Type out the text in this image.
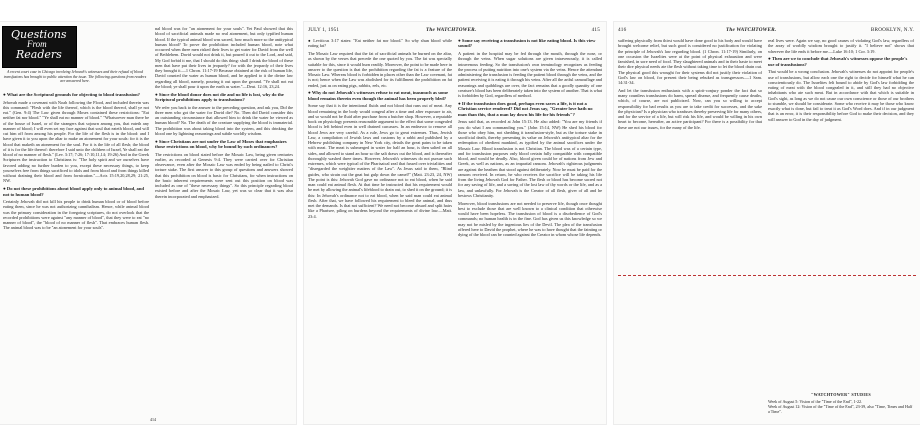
Questions
From
Readers
A recent court case in Chicago involving Jehovah's witnesses and their refusal of blood transfusions has brought to public attention the issue. The following questions from readers are answered here.
● What are the Scriptural grounds for objecting to blood transfusion?
Jehovah made a covenant with Noah following the Flood, and included therein was this command: "Flesh with the life thereof, which is the blood thereof, shall ye not eat." (Gen. 9:4) The Law given through Moses contained these restrictions: "Eat neither fat nor blood." "Ye shall eat no manner of blood." "Whatsoever man there be of the house of Israel, or of the strangers that sojourn among you, that eateth any manner of blood; I will even set my face against that soul that eateth blood, and will cut him off from among his people. For the life of the flesh is in the blood: and I have given it to you upon the altar to make an atonement for your souls: for it is the blood that maketh an atonement for the soul. For it is the life of all flesh; the blood of it is for the life thereof: therefore I said unto the children of Israel, Ye shall eat the blood of no manner of flesh." (Lev. 3:17; 7:26; 17:10,11,14; 19:26) And in the Greek Scriptures the instruction to Christians is: "The holy spirit and we ourselves have favored adding no further burden to you, except these necessary things, to keep yourselves free from things sacrificed to idols and from blood and from things killed without draining their blood and from fornication."—Acts 15:19,20,28,29; 21:25, NW.
● Do not these prohibitions about blood apply only to animal blood, and not to human blood?
Certainly Jehovah did not kill his people to drink human blood or of blood before eating them, since he was not authorizing cannibalism. Hence, while animal blood was the primary consideration in the foregoing scriptures, do not overlook that the recorded prohibitions were against "any manner of blood", that they were to eat "no manner of blood", the "blood of no manner of flesh". That embraces human flesh. The animal blood was to be "an atonement for your souls".
nal blood was for "an atonement for your souls". Yet Paul showed that this blood of sacrificial animals made no real atonement, but only typified human blood. If the typical animal blood was sacred, how much more so the antitypical human blood? To prove the prohibition included human blood, note what occurred when three men risked their lives to get water for David from the well of Bethlehem. David would not drink it, but poured it out to the Lord, and said, My God forbid it me, that I should do this thing: shall I drink the blood of these men that have put their lives in jeopardy? for with the jeopardy of their lives they brought it.—1 Chron. 11:17-19 Because obtained at the risk of human life, David counted the water as human blood, and he applied to it the divine law regarding all blood, namely, pouring it out upon the ground. "Ye shall not eat the blood; ye shall pour it upon the earth as water."—Deut. 12:16, 23,24.
● Since the blood donor does not die and no life is lost, why do the Scriptural prohibitions apply to transfusions?
We refer you back to the answer to the preceding question, and ask you, Did the three men who got the water for David die? No. Then did David consider this an outstanding circumstance that allowed him to drink the water he viewed as human blood? No. The death of the creature supplying the blood is immaterial. The prohibition was about taking blood into the system, and this drinking the blood one by lightning reasonings and subtle worldly wisdom.
● Since Christians are not under the Law of Moses that emphasizes those restrictions on blood, why be bound by such ordinances?
The restrictions on blood stated before the Mosaic Law, being given centuries earlier, as recorded at Genesis 9:4. They were carried over for Christian observance, even after the Mosaic Law was ended by being nailed to Christ's torture stake. The first answer to this group of questions and answers showed that this prohibition on blood is basic for Christians, for when instructions on the basic inherent requirements were sent out this position on blood was included as one of "these necessary things". So this principle regarding blood existed before and after the Mosaic Law, yet was so clear that it was also therein incorporated and emphasized.
414
JULY 1, 1951	The WATCHTOWER.	415
● Leviticus 3:17 states: "Eat neither fat nor blood." So why shun blood while eating fat?
The Mosaic Law required that the fat of sacrificial animals be burned on the altar, as shown by the verses that precede the one quoted by you. The fat was specially suitable for this, since it would burn readily. Moreover, the point to be made here in answer to the question is that the prohibition regarding the fat is a feature of the Mosaic Law. Whereas blood is forbidden in places other than the Law covenant, fat is not; hence when the Law was abolished for its fulfillment the prohibition on fat ended, just as on eating pigs, rabbits, eels, etc.
● Why do not Jehovah's witnesses refuse to eat meat, inasmuch as some blood remains therein even though the animal has been properly bled?
Some say that it is the intentional fluids and not blood that runs out of meat. Any blood remaining in the body would congeal after a time and after exposure to air, and so would not be fluid after purchase from a butcher shop. However, a reputable book on physiology presents reasonable argument to the effect that some congealed blood is left behind even in well drained carcasses. In an endeavor to remove all blood Jews are very careful. As a rule, Jews go to great extremes. Thus, Jewish Law, a compilation of Jewish laws and customs by a rabbi and published by a Hebrew publishing company in New York city, details the great pains to be taken with meat. The meat is submerged in water for half an hour, is then salted on all sides, and allowed to stand an hour so the salt draws out the blood, and is thereafter thoroughly washed three times. However, Jehovah's witnesses do not pursue such extremes, which were typical of the Pharisaical zeal that fussed over trivialities and "disregarded the weightier matters of the Law". As Jesus said to them, "Blind guides, who strain out the gnat but gulp down the camel!" (Matt. 23:23, 24, NW) The point is this: Jehovah God gave no ordinance not to eat blood, when he said man could eat animal flesh. At that time he instructed that his requirement would be met by allowing the animal's lifeblood to drain out, to shed it on the ground; it is this: In Jehovah's ordinance not to eat blood, when he said man could eat animal flesh. After that, we have followed his requirement to bleed the animal, and thus met the demands. Is that not sufficient? We need not become absurd and split hairs like a Pharisee, piling on burdens beyond the requirements of divine law.—Matt. 23:4.
● Some say receiving a transfusion is not like eating blood. Is this view sound?
A patient in the hospital may be fed through the mouth, through the nose, or through the veins. When sugar solutions are given intravenously, it is called intravenous feeding. So the transfusion's own terminology recognizes as feeding the process of putting nutrition into one's system via the veins. Hence the attendant administering the transfusion is feeding the patient blood through the veins, and the patient receiving it is eating it through his veins. After all the artful camouflage and reasonings and quibblings are over, the fact remains that a goodly quantity of one creature's blood has been deliberately taken into the system of another. That is what is forbidden by God, regardless of method.
● If the transfusion does good, perhaps even saves a life, is it not a Christian service rendered? Did not Jesus say, "Greater love hath no man than this, that a man lay down his life for his friends"?
Jesus said that, as recorded at John 15:13. He also added: "You are my friends if you do what I am commanding you." (John 15:14, NW) He shed his blood for those who obey him, not shedding it transfusion-style, but as the torture stake in sacrificial death, thereby presenting its value on Jehovah's antitypical altar for the redemption of obedient mankind, as typified by the animal sacrifices under the Mosaic Law. Blood transfusion is not Christian. The blood was of a certain type, and for transfusion purposes only blood certain fully compatible with compatible blood, and would be deadly. Also, blood given could be of nations from Jew and Greek, as well as nations, as an impartial ransom. Jehovah's righteous judgments are against the heathen that stood against deliberately. Now he must be paid for the ransom received. In return, he who receives the sacrifice will be taking his life from the living Jehovah God for Father. The flesh or blood has become sacred not for any saving of life, and a saving of the lost law of thy words or the life, and as a law, and unlawfully. For Jehovah is the Creator of all flesh, giver of all and he bestows Christianity.
Moreover, blood transfusions are not needed to preserve life, though once thought best to exclude those that are well known to a clinical condition that otherwise would have been hopeless. The transfusion of blood is a disobedience of God's commands; no human health is in the fine. God has given us this knowledge so we may not be misled by the ingenious lies of the Devil. The plea of the transfusion offered here to David the prophet, where he was to have thought that the fainting or dying of the blood can be counted against the Creator in whom whose life depends.
416	The WATCHTOWER.	BROOKLYN, N.Y.
suffering physically from thirst would have done good to his body and would have brought welcome relief, but such good is considered no justification for violating the principle of Jehovah's law regarding blood. (1 Chron. 11:17-19) Similarly, on one occasion the Israelites were at the point of physical exhaustion and were famished, in sore need of food. They slaughtered animals and in their haste to meet their dire physical needs ate the flesh without taking time to let the blood drain out. The physical good this wrought for their systems did not justify their violation of God's law on blood, for present their being rebuked as transgressors.—1 Sam. 14:31-34.
And let the transfusion enthusiasts with a spirit-conjury ponder the fact that so many countless transfusions do harm, spread disease, and frequently cause deaths, which, of course, are not publicized. Now, can you so willing to accept responsibility for bad results as you are to take credit for successes, and the sake the physician? Is a physician who tranfuses thereby preserving life for many others, and for the service of a life, but will risk his life, and would be willing in his own heart to become, hereafter, an active participant? For there is a possibility for that these are not our issues, for the many of the life.
real lives were. Again we say, no good causes of violating God's law, regardless of the array of worldly wisdom brought to justify it. "I believe not" shows that wherever the life ends it before me.—Luke 16:10; 1 Cor. 3:19.
● Then are we to conclude that Jehovah's witnesses oppose the people's use of transfusions?
That would be a wrong conclusion. Jehovah's witnesses do not appoint for people's use of transfusions, but allow each one the right to decide for himself what he can conscientiously do. The Israelites felt bound to abide by God's law forbidding the eating of meat with the blood congealed in it, and still they had no objective inhabitants who ate such meat. But in accordance with that which is suitable in God's sight, as long as we do not cause our own conscience or those of our brothers to stumble, we should be considerate. Some who receive it may be those who know exactly what is done, but fail to treat it as God's Word does. And if in our judgment that is an error, it is their responsibility before God to make their decision, and they will answer to God in the day of judgment.
"WATCHTOWER" STUDIES
Week of August 5: Vision of the "Time of the End", 1-22.
Week of August 12: Vision of the "Time of the End", 23-39, also "Time, Times and Half a Time".
